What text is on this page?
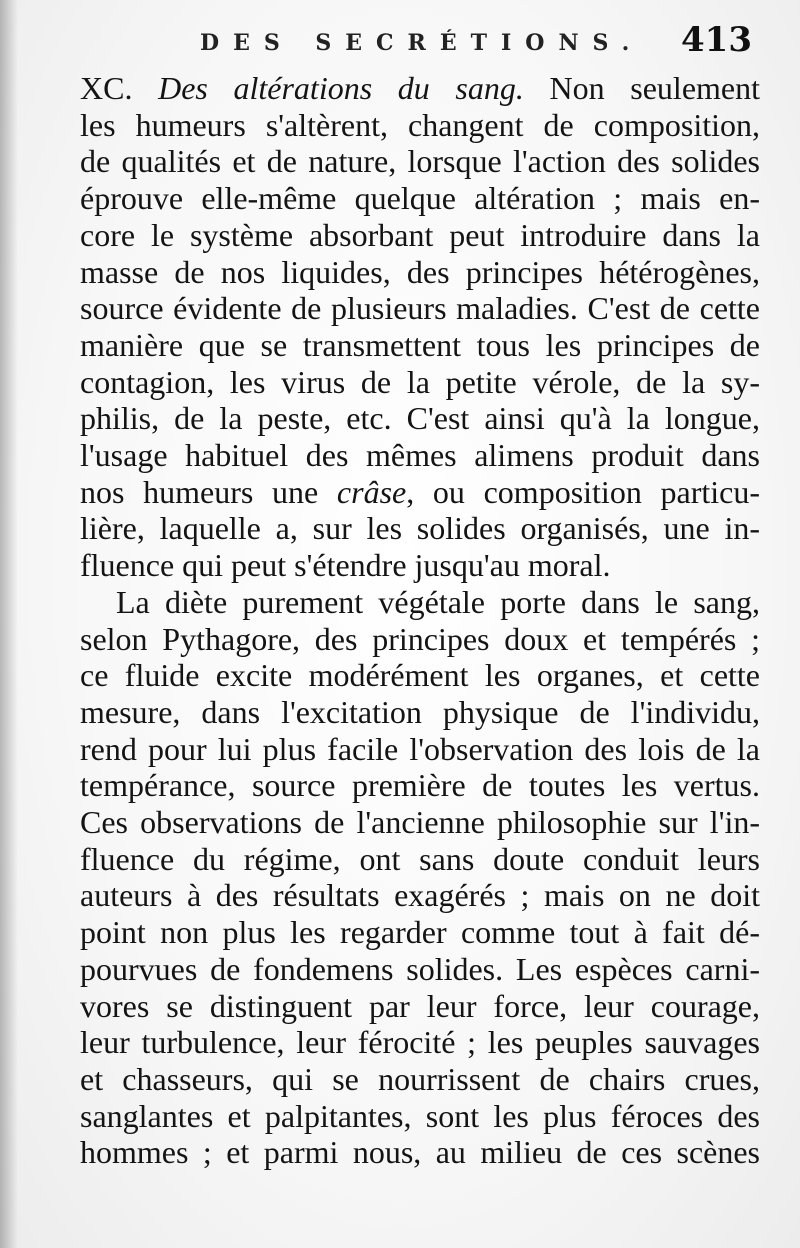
DES SECRÉTIONS. 413
XC. Des altérations du sang. Non seulement
les humeurs s'altèrent, changent de composition,
de qualités et de nature, lorsque l'action des solides
éprouve elle-même quelque altération ; mais en-
core le système absorbant peut introduire dans la
masse de nos liquides, des principes hétérogènes,
source évidente de plusieurs maladies. C'est de cette
manière que se transmettent tous les principes de
contagion, les virus de la petite vérole, de la sy-
philis, de la peste, etc. C'est ainsi qu'à la longue,
l'usage habituel des mêmes alimens produit dans
nos humeurs une crâse, ou composition particu-
lière, laquelle a, sur les solides organisés, une in-
fluence qui peut s'étendre jusqu'au moral.
La diète purement végétale porte dans le sang,
selon Pythagore, des principes doux et tempérés ;
ce fluide excite modérément les organes, et cette
mesure, dans l'excitation physique de l'individu,
rend pour lui plus facile l'observation des lois de la
tempérance, source première de toutes les vertus.
Ces observations de l'ancienne philosophie sur l'in-
fluence du régime, ont sans doute conduit leurs
auteurs à des résultats exagérés ; mais on ne doit
point non plus les regarder comme tout à fait dé-
pourvues de fondemens solides. Les espèces carni-
vores se distinguent par leur force, leur courage,
leur turbulence, leur férocité ; les peuples sauvages
et chasseurs, qui se nourrissent de chairs crues,
sanglantes et palpitantes, sont les plus féroces des
hommes ; et parmi nous, au milieu de ces scènes
